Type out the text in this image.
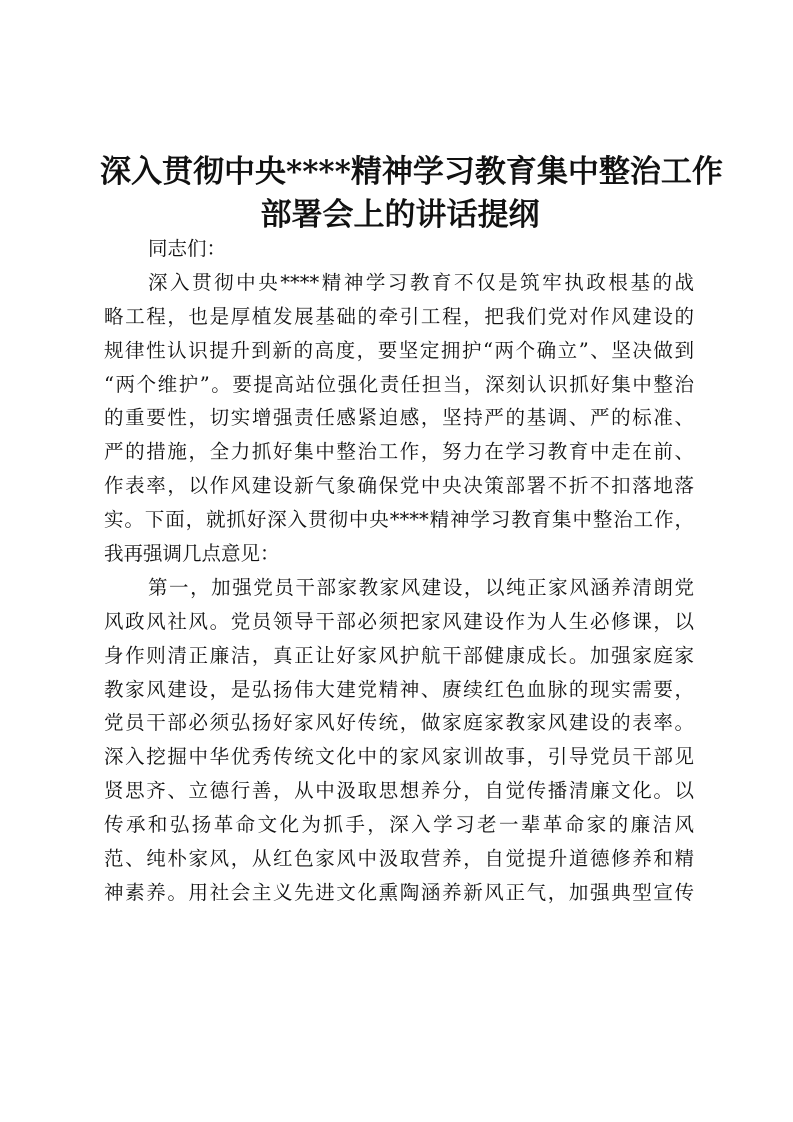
深入贯彻中央****精神学习教育集中整治工作
部署会上的讲话提纲
同志们：
深入贯彻中央****精神学习教育不仅是筑牢执政根基的战
略工程，也是厚植发展基础的牵引工程，把我们党对作风建设的
规律性认识提升到新的高度，要坚定拥护“两个确立”、坚决做到
“两个维护”。要提高站位强化责任担当，深刻认识抓好集中整治
的重要性，切实增强责任感紧迫感，坚持严的基调、严的标准、
严的措施，全力抓好集中整治工作，努力在学习教育中走在前、
作表率，以作风建设新气象确保党中央决策部署不折不扣落地落
实。下面，就抓好深入贯彻中央****精神学习教育集中整治工作，
我再强调几点意见：
第一，加强党员干部家教家风建设，以纯正家风涵养清朗党
风政风社风。党员领导干部必须把家风建设作为人生必修课，以
身作则清正廉洁，真正让好家风护航干部健康成长。加强家庭家
教家风建设，是弘扬伟大建党精神、赓续红色血脉的现实需要，
党员干部必须弘扬好家风好传统，做家庭家教家风建设的表率。
深入挖掘中华优秀传统文化中的家风家训故事，引导党员干部见
贤思齐、立德行善，从中汲取思想养分，自觉传播清廉文化。以
传承和弘扬革命文化为抓手，深入学习老一辈革命家的廉洁风
范、纯朴家风，从红色家风中汲取营养，自觉提升道德修养和精
神素养。用社会主义先进文化熏陶涵养新风正气，加强典型宣传
